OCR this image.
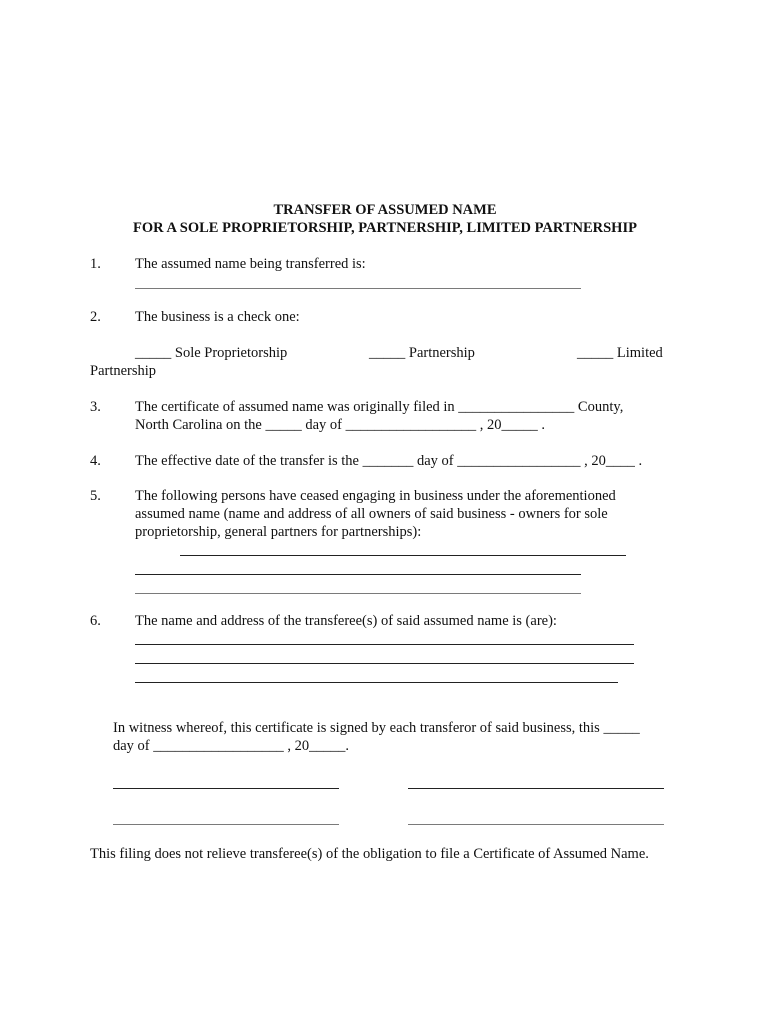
TRANSFER OF ASSUMED NAME
FOR A SOLE PROPRIETORSHIP, PARTNERSHIP, LIMITED PARTNERSHIP
1. The assumed name being transferred is:
2. The business is a check one:
_____ Sole Proprietorship	_____ Partnership	_____ Limited
Partnership
3. The certificate of assumed name was originally filed in ________________ County,
North Carolina on the _____ day of __________________ , 20_____ .
4. The effective date of the transfer is the _______ day of _________________ , 20____ .
5. The following persons have ceased engaging in business under the aforementioned
assumed name (name and address of all owners of said business - owners for sole
proprietorship, general partners for partnerships):
6. The name and address of the transferee(s) of said assumed name is (are):
In witness whereof, this certificate is signed by each transferor of said business, this _____
day of __________________ , 20_____.
This filing does not relieve transferee(s) of the obligation to file a Certificate of Assumed Name.
